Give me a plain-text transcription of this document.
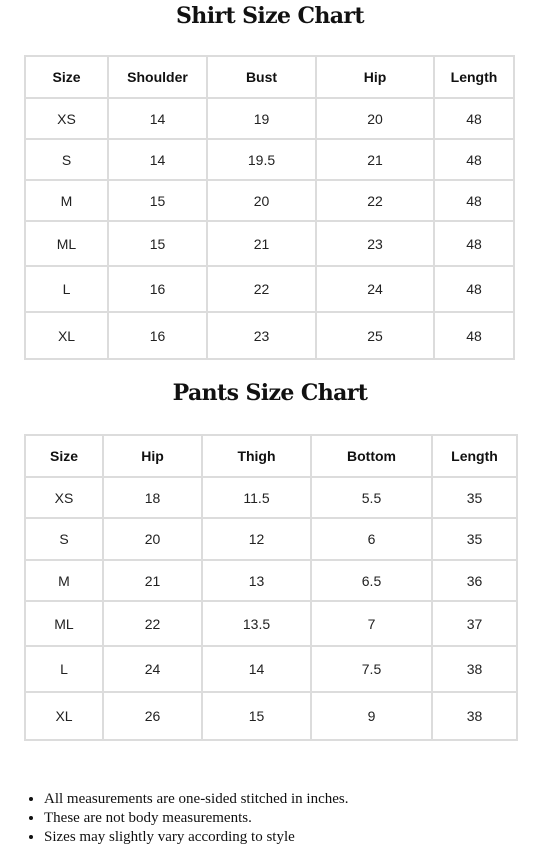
Shirt Size Chart
Size	Shoulder	Bust	Hip	Length
XS	14	19	20	48
S	14	19.5	21	48
M	15	20	22	48
ML	15	21	23	48
L	16	22	24	48
XL	16	23	25	48
Pants Size Chart
Size	Hip	Thigh	Bottom	Length
XS	18	11.5	5.5	35
S	20	12	6	35
M	21	13	6.5	36
ML	22	13.5	7	37
L	24	14	7.5	38
XL	26	15	9	38
• All measurements are one-sided stitched in inches.
• These are not body measurements.
• Sizes may slightly vary according to style
